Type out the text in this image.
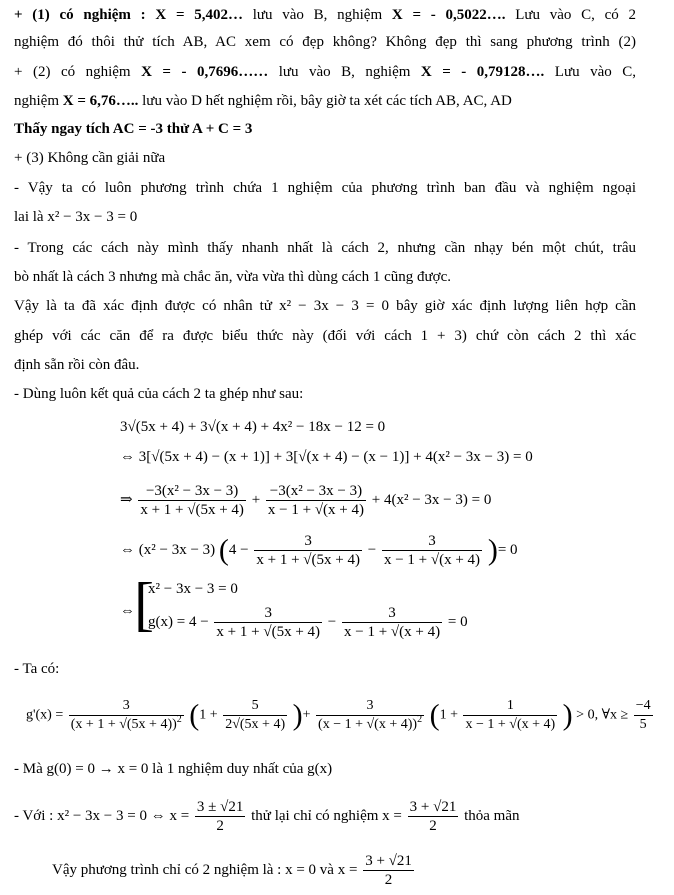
+ (1) có nghiệm : X = 5,402… lưu vào B, nghiệm X = - 0,5022…. Lưu vào C, có 2
nghiệm đó thôi thử tích AB, AC xem có đẹp không? Không đẹp thì sang phương trình (2)
+ (2) có nghiệm X = - 0,7696…… lưu vào B, nghiệm X = - 0,79128…. Lưu vào C,
nghiệm X = 6,76….. lưu vào D hết nghiệm rồi, bây giờ ta xét các tích AB, AC, AD
Thấy ngay tích AC = -3 thử A + C = 3
+ (3) Không cần giải nữa
- Vậy ta có luôn phương trình chứa 1 nghiệm của phương trình ban đầu và nghiệm ngoại
lai là x² − 3x − 3 = 0
- Trong các cách này mình thấy nhanh nhất là cách 2, nhưng cần nhạy bén một chút, trâu
bò nhất là cách 3 nhưng mà chắc ăn, vừa vừa thì dùng cách 1 cũng được.
Vậy là ta đã xác định được có nhân tử x² − 3x − 3 = 0 bây giờ xác định lượng liên hợp cần
ghép với các căn để ra được biểu thức này (đối với cách 1 + 3) chứ còn cách 2 thì xác
định sẵn rồi còn đâu.
- Dùng luôn kết quả của cách 2 ta ghép như sau:
3√(5x + 4) + 3√(x + 4) + 4x² − 18x − 12 = 0
⇔ 3[√(5x + 4) − (x + 1)] + 3[√(x + 4) − (x − 1)] + 4(x² − 3x − 3) = 0
⇒ $\frac{\text{−3(x² − 3x − 3)}}{x + 1 + √(5x + 4)} + \frac{\text{−3(x² − 3x − 3)}}{x - 1 + √(x + 4)} + 4(x^2 - 3x - 3) = 0$
⇔ (x² − 3x − 3) ($4 - \frac{3}{x + 1 + √(5x + 4)} - \frac{3}{x - 1 + √(x + 4)}$ )= 0
⇔ [
x² − 3x − 3 = 0
$g(x) = 4 - \frac{3}{x + 1 + √(5x + 4)} - \frac{3}{x - 1 + √(x + 4)} = 0$
- Ta có:
$g'(x) = \frac{3}{(x + 1 + √(5x + 4))^2} (1 + \frac{5}{2√(5x + 4)}$ )+ $\frac{3}{(x - 1 + √(x + 4))^2} (1 + \frac{1}{x - 1 + √(x + 4)}$ ) > 0, ∀x ≥ $\frac{-4}{5}$
- Mà g(0) = 0 → x = 0 là 1 nghiệm duy nhất của g(x)
- Với : x² − 3x − 3 = 0 ⇔ $x = \frac{3 \pm √21}{2}$ thử lại chỉ có nghiệm $x = \frac{3 + √21}{2}$ thỏa mãn
Vậy phương trình chỉ có 2 nghiệm là : x = 0 và $x = \frac{3 + √21}{2}$
